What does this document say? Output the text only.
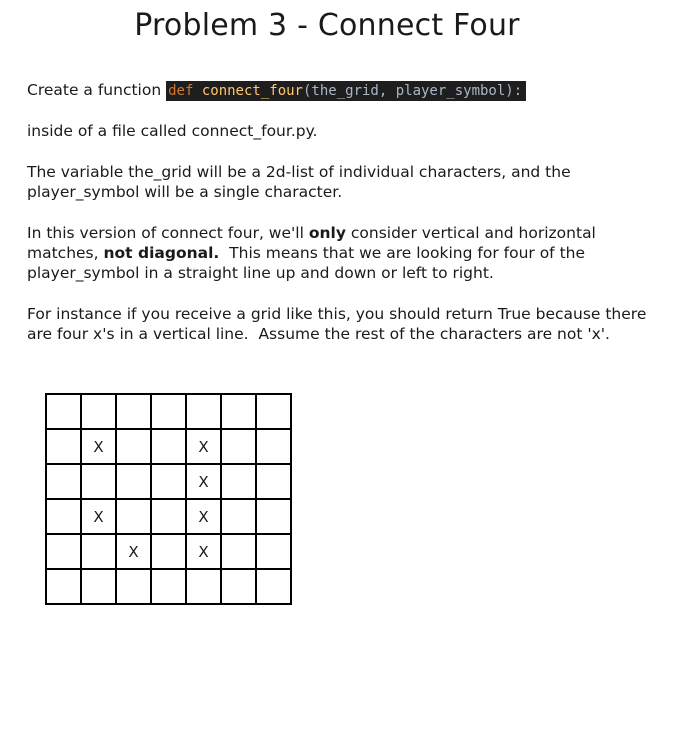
Problem 3 - Connect Four

Create a function def connect_four(the_grid, player_symbol):

inside of a file called connect_four.py.

The variable the_grid will be a 2d-list of individual characters, and the player_symbol will be a single character.

In this version of connect four, we'll only consider vertical and horizontal matches, not diagonal.  This means that we are looking for four of the player_symbol in a straight line up and down or left to right.

For instance if you receive a grid like this, you should return True because there are four x's in a vertical line.  Assume the rest of the characters are not 'x'.

	X			X		
				X		
	X			X		
		X		X		
